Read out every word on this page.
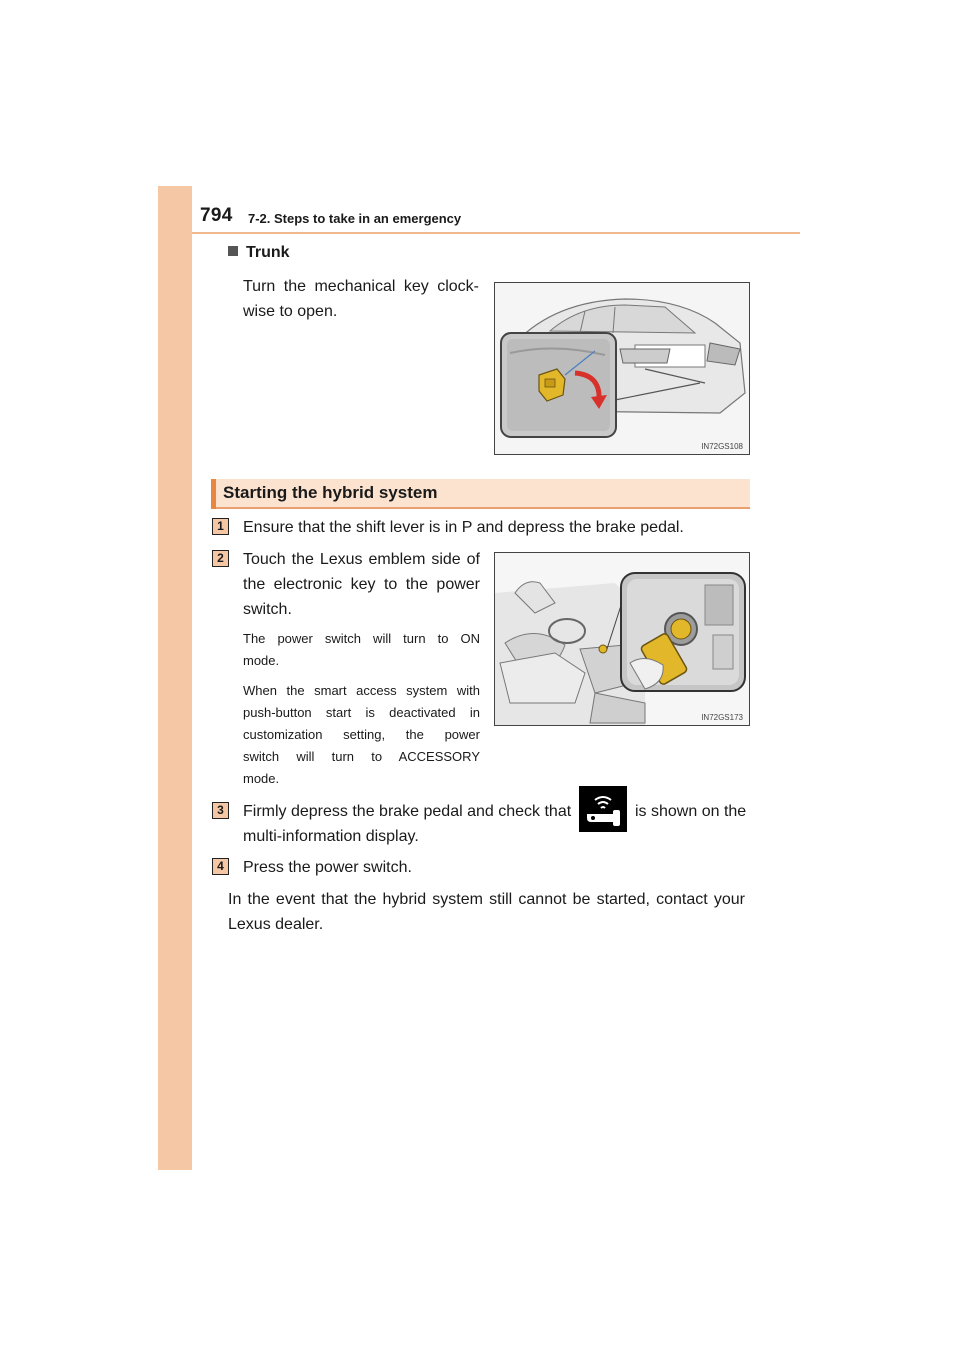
794 7-2. Steps to take in an emergency
Trunk
Turn the mechanical key clock-
wise to open.
IN72GS108
Starting the hybrid system
1	Ensure that the shift lever is in P and depress the brake pedal.
2	Touch the Lexus emblem side of
the electronic key to the power
switch.
The power switch will turn to ON
mode.
When the smart access system with
push-button start is deactivated in
customization setting, the power
switch will turn to ACCESSORY
mode.
IN72GS173
3	Firmly depress the brake pedal and check that	is shown on the
multi-information display.
4	Press the power switch.
In the event that the hybrid system still cannot be started, contact your
Lexus dealer.
